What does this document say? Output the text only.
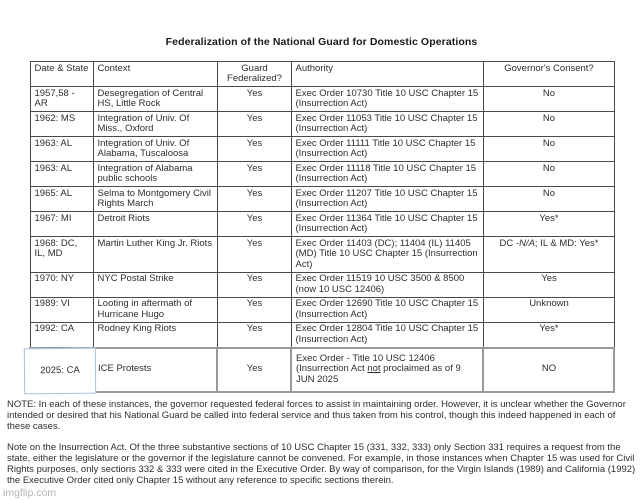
Federalization of the National Guard for Domestic Operations
Date & State	Context	Guard Federalized?	Authority	Governor's Consent?
1957,58 - AR	Desegregation of Central HS, Little Rock	Yes	Exec Order 10730 Title 10 USC Chapter 15 (Insurrection Act)	No
1962: MS	Integration of Univ. Of Miss., Oxford	Yes	Exec Order 11053 Title 10 USC Chapter 15 (Insurrection Act)	No
1963: AL	Integration of Univ. Of Alabama, Tuscaloosa	Yes	Exec Order 11111 Title 10 USC Chapter 15 (Insurrection Act)	No
1963: AL	Integration of Alabama public schools	Yes	Exec Order 11118 Title 10 USC Chapter 15 (Insurrection Act)	No
1965: AL	Selma to Montgomery Civil Rights March	Yes	Exec Order 11207 Title 10 USC Chapter 15 (Insurrection Act)	No
1967: MI	Detroit Riots	Yes	Exec Order 11364 Title 10 USC Chapter 15 (Insurrection Act)	Yes*
1968: DC, IL, MD	Martin Luther King Jr. Riots	Yes	Exec Order 11403 (DC); 11404 (IL) 11405 (MD) Title 10 USC Chapter 15 (Insurrection Act)	DC -N/A; IL & MD: Yes*
1970: NY	NYC Postal Strike	Yes	Exec Order 11519 10 USC 3500 & 8500 (now 10 USC 12406)	Yes
1989: VI	Looting in aftermath of Hurricane Hugo	Yes	Exec Order 12690 Title 10 USC Chapter 15 (Insurrection Act)	Unknown
1992: CA	Rodney King Riots	Yes	Exec Order 12804 Title 10 USC Chapter 15 (Insurrection Act)	Yes*

2025: CA	ICE Protests	Yes	Exec Order - Title 10 USC 12406 (Insurrection Act not proclaimed as of 9 JUN 2025	NO
NOTE: In each of these instances, the governor requested federal forces to assist in maintaining order. However, it is unclear whether the Governor intended or desired that his National Guard be called into federal service and thus taken from his control, though this indeed happened in each of these cases.
Note on the Insurrection Act. Of the three substantive sections of 10 USC Chapter 15 (331, 332, 333) only Section 331 requires a request from the state, either the legislature or the governor if the legislature cannot be convened. For example, in those instances when Chapter 15 was used for Civil Rights purposes, only sections 332 & 333 were cited in the Executive Order. By way of comparison, for the Virgin Islands (1989) and California (1992) the Executive Order cited only Chapter 15 without any reference to specific sections therein.
imgflip.com
